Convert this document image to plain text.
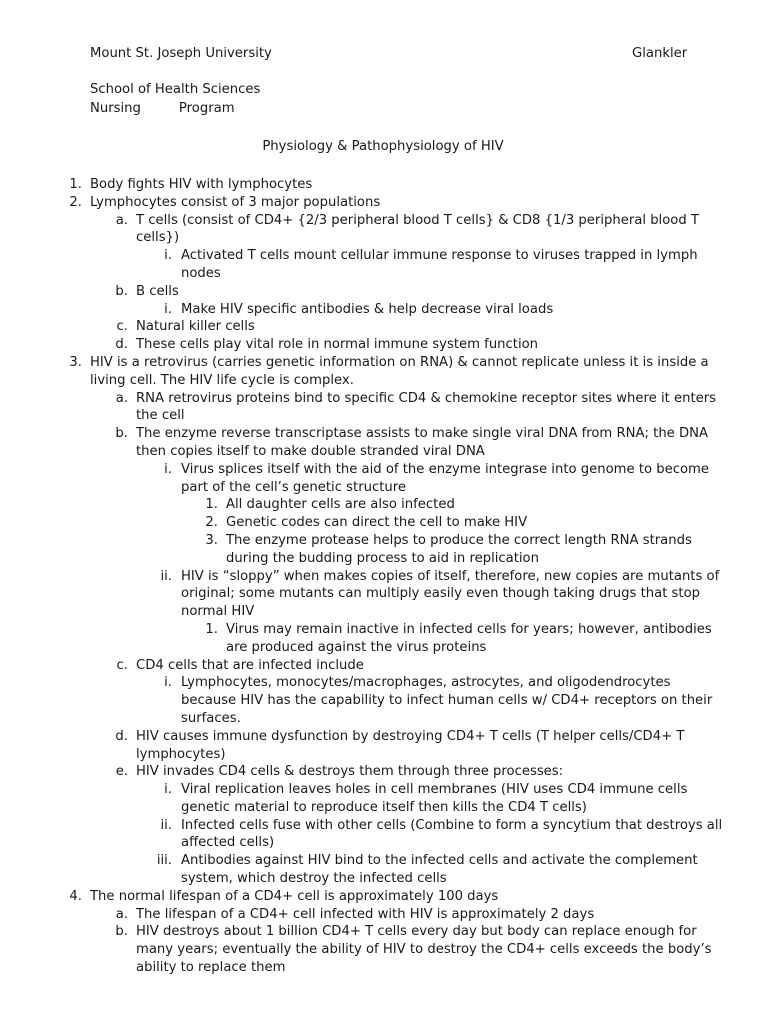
Mount St. Joseph University	Glankler
School of Health Sciences
Nursing	Program
Physiology & Pathophysiology of HIV
1. Body fights HIV with lymphocytes
2. Lymphocytes consist of 3 major populations
a. T cells (consist of CD4+ {2/3 peripheral blood T cells} & CD8 {1/3 peripheral blood T cells})
i. Activated T cells mount cellular immune response to viruses trapped in lymph nodes
b. B cells
i. Make HIV specific antibodies & help decrease viral loads
c. Natural killer cells
d. These cells play vital role in normal immune system function
3. HIV is a retrovirus (carries genetic information on RNA) & cannot replicate unless it is inside a living cell. The HIV life cycle is complex.
a. RNA retrovirus proteins bind to specific CD4 & chemokine receptor sites where it enters the cell
b. The enzyme reverse transcriptase assists to make single viral DNA from RNA; the DNA then copies itself to make double stranded viral DNA
i. Virus splices itself with the aid of the enzyme integrase into genome to become part of the cell’s genetic structure
1. All daughter cells are also infected
2. Genetic codes can direct the cell to make HIV
3. The enzyme protease helps to produce the correct length RNA strands during the budding process to aid in replication
ii. HIV is “sloppy” when makes copies of itself, therefore, new copies are mutants of original; some mutants can multiply easily even though taking drugs that stop normal HIV
1. Virus may remain inactive in infected cells for years; however, antibodies are produced against the virus proteins
c. CD4 cells that are infected include
i. Lymphocytes, monocytes/macrophages, astrocytes, and oligodendrocytes because HIV has the capability to infect human cells w/ CD4+ receptors on their surfaces.
d. HIV causes immune dysfunction by destroying CD4+ T cells (T helper cells/CD4+ T lymphocytes)
e. HIV invades CD4 cells & destroys them through three processes:
i. Viral replication leaves holes in cell membranes (HIV uses CD4 immune cells genetic material to reproduce itself then kills the CD4 T cells)
ii. Infected cells fuse with other cells (Combine to form a syncytium that destroys all affected cells)
iii. Antibodies against HIV bind to the infected cells and activate the complement system, which destroy the infected cells
4. The normal lifespan of a CD4+ cell is approximately 100 days
a. The lifespan of a CD4+ cell infected with HIV is approximately 2 days
b. HIV destroys about 1 billion CD4+ T cells every day but body can replace enough for many years; eventually the ability of HIV to destroy the CD4+ cells exceeds the body’s ability to replace them
